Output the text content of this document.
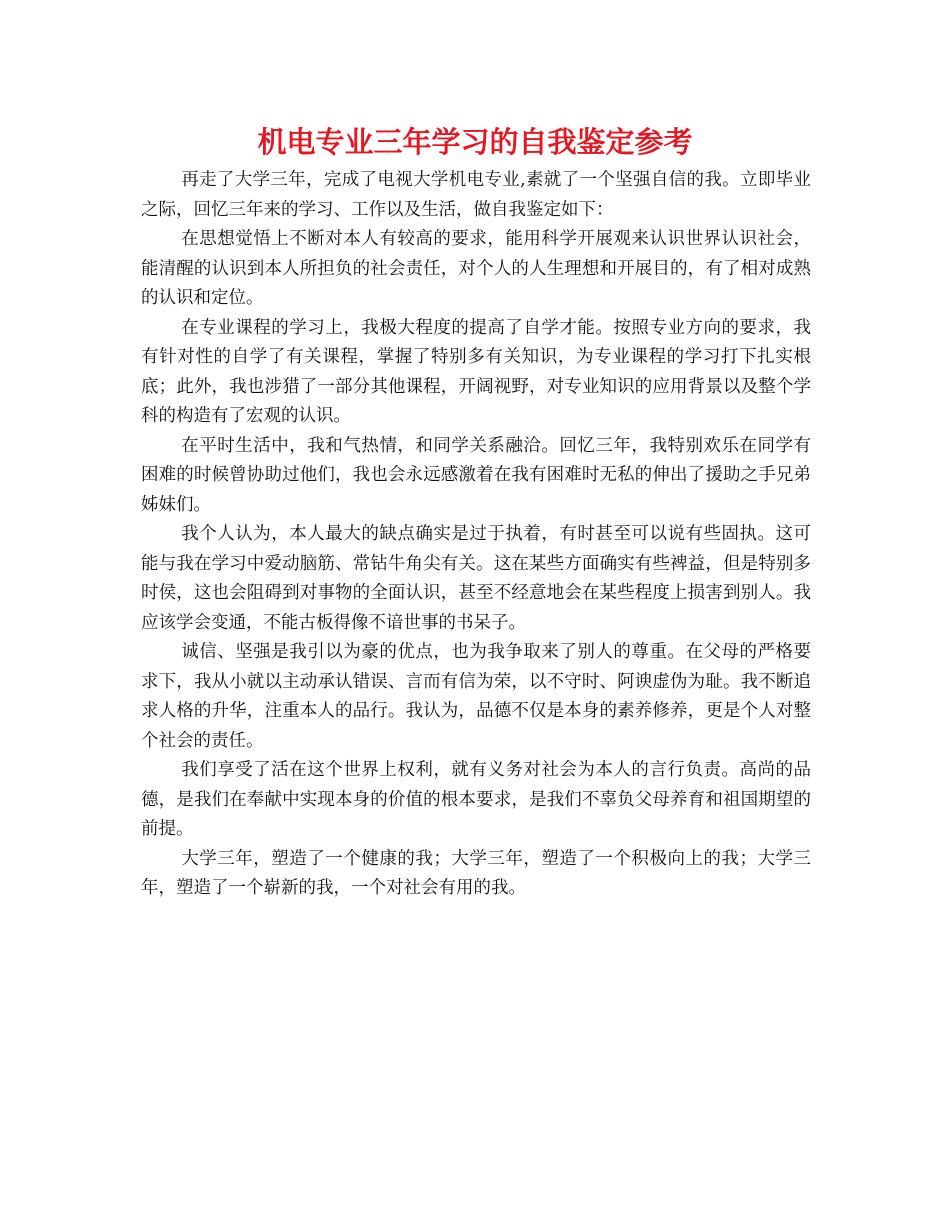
机电专业三年学习的自我鉴定参考

再走了大学三年，完成了电视大学机电专业,素就了一个坚强自信的我。立即毕业之际，回忆三年来的学习、工作以及生活，做自我鉴定如下：

在思想觉悟上不断对本人有较高的要求，能用科学开展观来认识世界认识社会，能清醒的认识到本人所担负的社会责任，对个人的人生理想和开展目的，有了相对成熟的认识和定位。

在专业课程的学习上，我极大程度的提高了自学才能。按照专业方向的要求，我有针对性的自学了有关课程，掌握了特别多有关知识，为专业课程的学习打下扎实根底；此外，我也涉猎了一部分其他课程，开阔视野，对专业知识的应用背景以及整个学科的构造有了宏观的认识。

在平时生活中，我和气热情，和同学关系融洽。回忆三年，我特别欢乐在同学有困难的时候曾协助过他们，我也会永远感激着在我有困难时无私的伸出了援助之手兄弟姊妹们。

我个人认为，本人最大的缺点确实是过于执着，有时甚至可以说有些固执。这可能与我在学习中爱动脑筋、常钻牛角尖有关。这在某些方面确实有些裨益，但是特别多时侯，这也会阻碍到对事物的全面认识，甚至不经意地会在某些程度上损害到别人。我应该学会变通，不能古板得像不谙世事的书呆子。

诚信、坚强是我引以为豪的优点，也为我争取来了别人的尊重。在父母的严格要求下，我从小就以主动承认错误、言而有信为荣，以不守时、阿谀虚伪为耻。我不断追求人格的升华，注重本人的品行。我认为，品德不仅是本身的素养修养，更是个人对整个社会的责任。

我们享受了活在这个世界上权利，就有义务对社会为本人的言行负责。高尚的品德，是我们在奉献中实现本身的价值的根本要求，是我们不辜负父母养育和祖国期望的前提。

大学三年，塑造了一个健康的我；大学三年，塑造了一个积极向上的我；大学三年，塑造了一个崭新的我，一个对社会有用的我。
